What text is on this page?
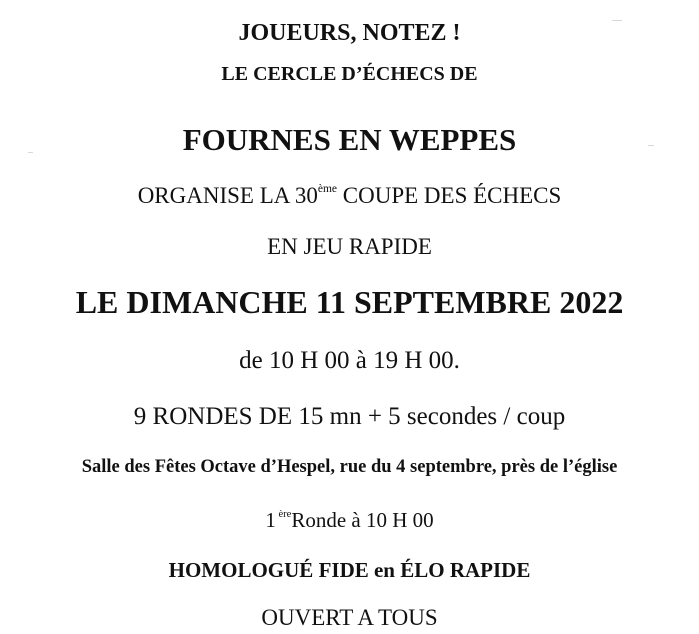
JOUEURS, NOTEZ !
LE CERCLE D’ÉCHECS DE
FOURNES EN WEPPES
ORGANISE LA 30ème COUPE DES ÉCHECS
EN JEU RAPIDE
LE DIMANCHE 11 SEPTEMBRE 2022
de 10 H 00 à 19 H 00.
9 RONDES DE 15 mn + 5 secondes / coup
Salle des Fêtes Octave d’Hespel, rue du 4 septembre, près de l’église
1 $^{ère}$Ronde à 10 H 00
HOMOLOGUÉ FIDE en ÉLO RAPIDE
OUVERT A TOUS
